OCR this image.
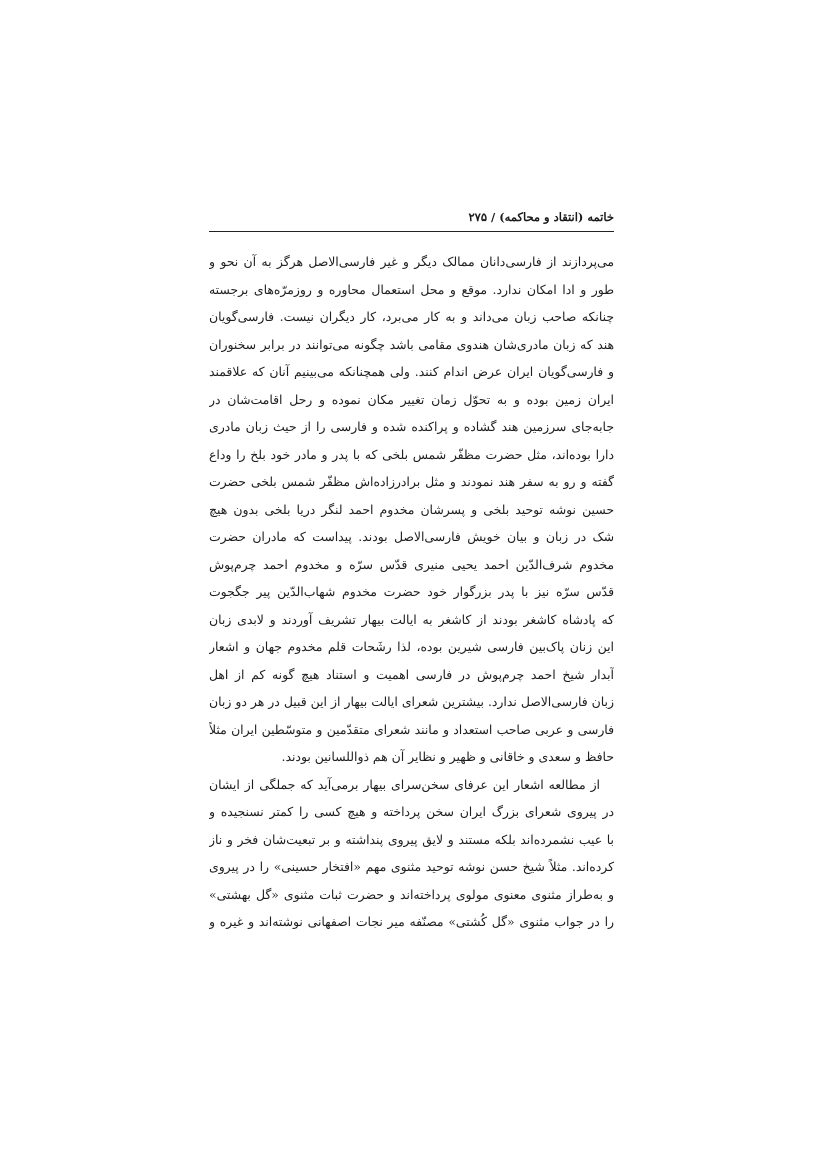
خاتمه (انتقاد و محاکمه)/۲۷۵
می‌پردازند از فارسی‌دانان ممالک دیگر و غیر فارسی‌الاصل هرگز به آن نحو و
طور و ادا امکان ندارد. موقع و محل استعمال محاوره و روزمرّه‌های برجسته
چنانکه صاحب زبان می‌داند و به کار می‌برد، کار دیگران نیست. فارسی‌گویان
هند که زبان مادری‌شان هندوی مقامی باشد چگونه می‌توانند در برابر سخنوران
و فارسی‌گویان ایران عرض اندام کنند. ولی همچنانکه می‌بینیم آنان که علاقمند
ایران زمین بوده و به تحوّل زمان تغییر مکان نموده و رحل اقامت‌شان در
جابه‌جای سرزمین هند گشاده و پراکنده شده و فارسی را از حیث زبان مادری
دارا بوده‌اند، مثل حضرت مظفّر شمس بلخی که با پدر و مادر خود بلخ را وداع
گفته و رو به سفر هند نمودند و مثل برادرزاده‌اش مظفّر شمس بلخی حضرت
حسین نوشه توحید بلخی و پسرشان مخدوم احمد لنگر دریا بلخی بدون هیچ
شک در زبان و بیان خویش فارسی‌الاصل بودند. پیداست که مادران حضرت
مخدوم شرف‌الدّین احمد یحیی منیری قدّس سرّه و مخدوم احمد چرم‌پوش
قدّس سرّه نیز با پدر بزرگوار خود حضرت مخدوم شهاب‌الدّین پیر جگجوت
که پادشاه کاشغر بودند از کاشغر به ایالت بیهار تشریف آوردند و لابدی زبان
این زنان پاک‌بین فارسی شیرین بوده، لذا رشَحات قلم مخدوم جهان و اشعار
آبدار شیخ احمد چرم‌پوش در فارسی اهمیت و استناد هیچ گونه کم از اهل
زبان فارسی‌الاصل ندارد. بیشترین شعرای ایالت بیهار از این قبیل در هر دو زبان
فارسی و عربی صاحب استعداد و مانند شعرای متقدّمین و متوسّطین ایران مثلاً
حافظ و سعدی و خاقانی و ظهیر و نظایر آن هم ذواللسانین بودند.
از مطالعه اشعار این عرفای سخن‌سرای بیهار برمی‌آید که جملگی از ایشان
در پیروی شعرای بزرگ ایران سخن پرداخته و هیچ کسی را کمتر نسنجیده و
با عیب نشمرده‌اند بلکه مستند و لایق پیروی پنداشته و بر تبعیت‌شان فخر و ناز
کرده‌اند. مثلاً شیخ حسن نوشه توحید مثنوی مهم «افتخار حسینی» را در پیروی
و به‌طراز مثنوی معنوی مولوی پرداخته‌اند و حضرت ثبات مثنوی «گل بهشتی»
را در جواب مثنوی «گل کُشتی» مصنّفه میر نجات اصفهانی نوشته‌اند و غیره و
